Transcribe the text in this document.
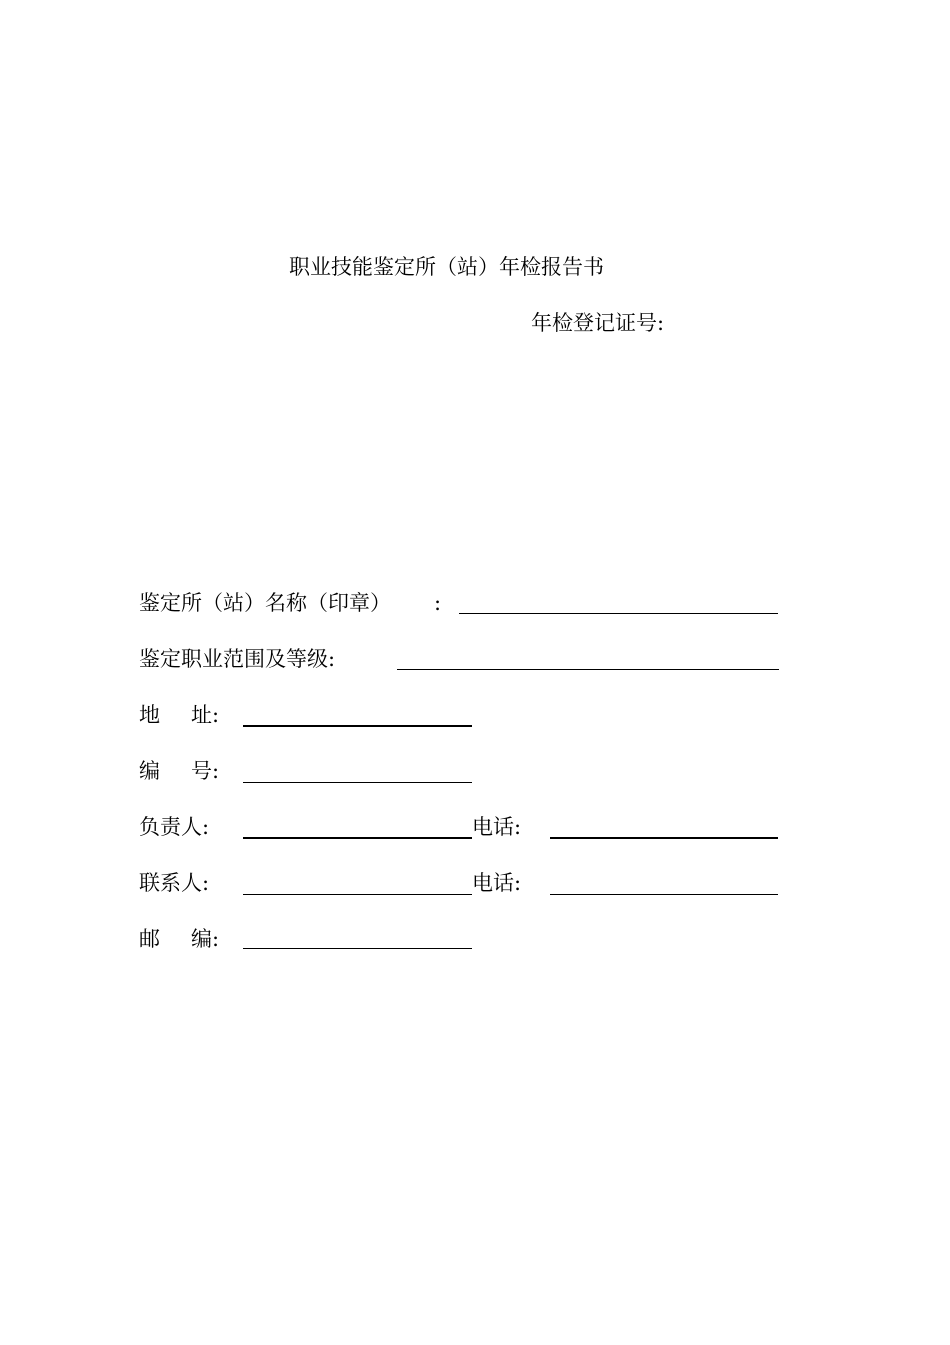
职业技能鉴定所（站）年检报告书
年检登记证号:
鉴定所（站）名称（印章） :
鉴定职业范围及等级:
地 址:
编 号:
负责人:	电话:
联系人:	电话:
邮 编:
